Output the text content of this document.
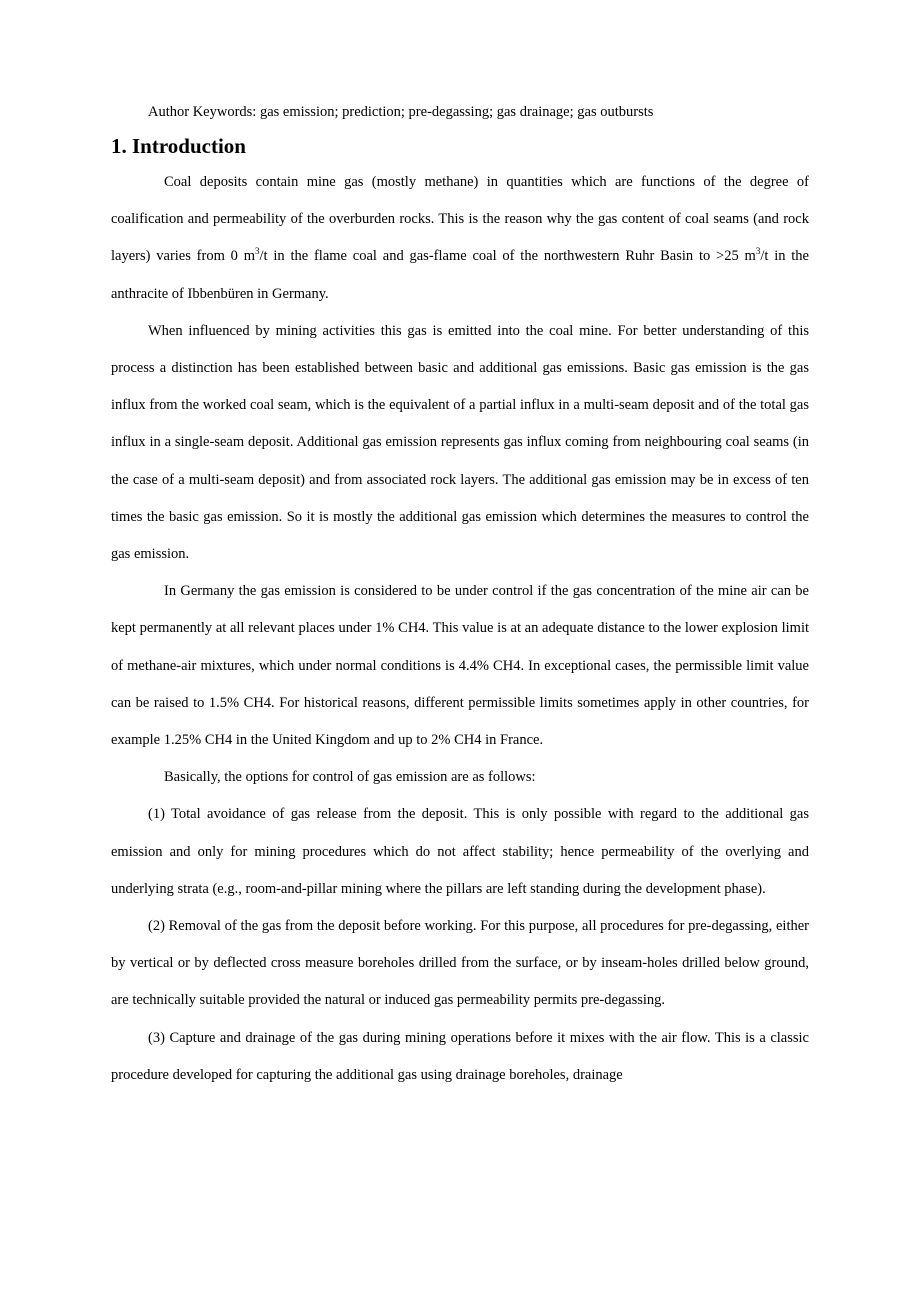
Author Keywords: gas emission; prediction; pre-degassing; gas drainage; gas outbursts

1. Introduction

Coal deposits contain mine gas (mostly methane) in quantities which are functions of the degree of coalification and permeability of the overburden rocks. This is the reason why the gas content of coal seams (and rock layers) varies from 0 $m^3/t$ in the flame coal and gas-flame coal of the northwestern Ruhr Basin to >25 $m^3/t$ in the anthracite of Ibbenbüren in Germany.

When influenced by mining activities this gas is emitted into the coal mine. For better understanding of this process a distinction has been established between basic and additional gas emissions. Basic gas emission is the gas influx from the worked coal seam, which is the equivalent of a partial influx in a multi-seam deposit and of the total gas influx in a single-seam deposit. Additional gas emission represents gas influx coming from neighbouring coal seams (in the case of a multi-seam deposit) and from associated rock layers. The additional gas emission may be in excess of ten times the basic gas emission. So it is mostly the additional gas emission which determines the measures to control the gas emission.

In Germany the gas emission is considered to be under control if the gas concentration of the mine air can be kept permanently at all relevant places under 1% CH4. This value is at an adequate distance to the lower explosion limit of methane-air mixtures, which under normal conditions is 4.4% CH4. In exceptional cases, the permissible limit value can be raised to 1.5% CH4. For historical reasons, different permissible limits sometimes apply in other countries, for example 1.25% CH4 in the United Kingdom and up to 2% CH4 in France.

Basically, the options for control of gas emission are as follows:

(1) Total avoidance of gas release from the deposit. This is only possible with regard to the additional gas emission and only for mining procedures which do not affect stability; hence permeability of the overlying and underlying strata (e.g., room-and-pillar mining where the pillars are left standing during the development phase).

(2) Removal of the gas from the deposit before working. For this purpose, all procedures for pre-degassing, either by vertical or by deflected cross measure boreholes drilled from the surface, or by inseam-holes drilled below ground, are technically suitable provided the natural or induced gas permeability permits pre-degassing.

(3) Capture and drainage of the gas during mining operations before it mixes with the air flow. This is a classic procedure developed for capturing the additional gas using drainage boreholes, drainage
